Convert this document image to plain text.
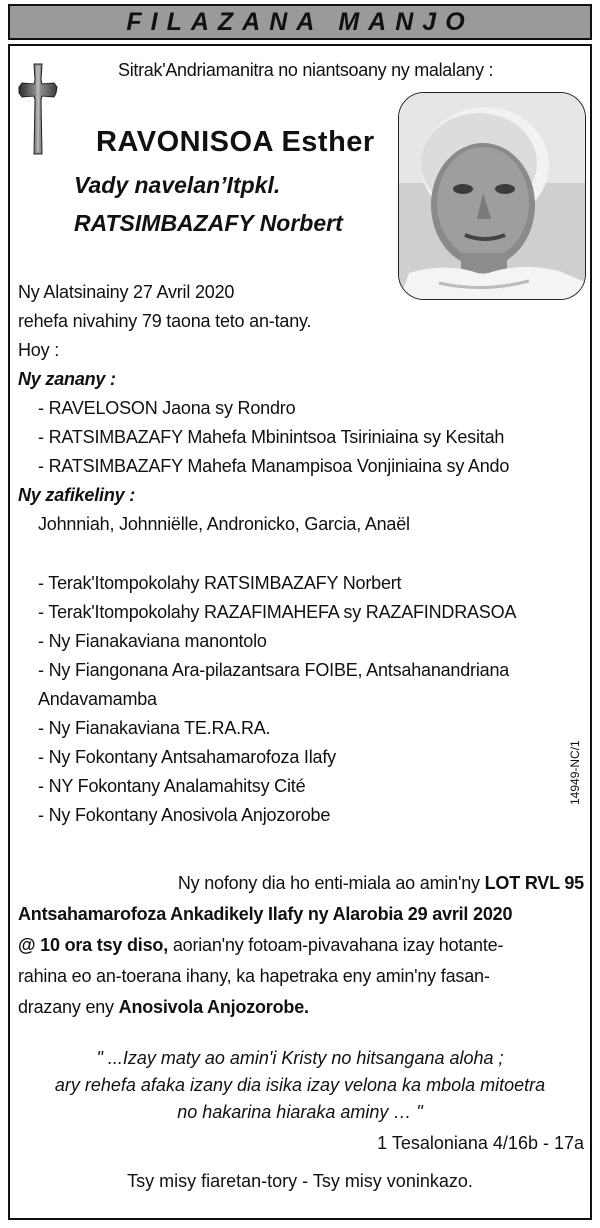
FILAZANA MANJO
Sitrak'Andriamanitra no niantsoany ny malalany :
RAVONISOA Esther
Vady navelan’Itpkl.
RATSIMBAZAFY Norbert
Ny Alatsinainy 27 Avril 2020
rehefa nivahiny 79 taona teto an-tany.
Hoy :
Ny zanany :
- RAVELOSON Jaona sy Rondro
- RATSIMBAZAFY Mahefa Mbinintsoa Tsiriniaina sy Kesitah
- RATSIMBAZAFY Mahefa Manampisoa Vonjiniaina sy Ando
Ny zafikeliny :
Johnniah, Johnniëlle, Andronicko, Garcia, Anaël
- Terak'Itompokolahy RATSIMBAZAFY Norbert
- Terak'Itompokolahy RAZAFIMAHEFA sy RAZAFINDRASOA
- Ny Fianakaviana manontolo
- Ny Fiangonana Ara-pilazantsara FOIBE, Antsahanandriana
Andavamamba
- Ny Fianakaviana TE.RA.RA.
- Ny Fokontany Antsahamarofoza Ilafy
- NY Fokontany Analamahitsy Cité
- Ny Fokontany Anosivola Anjozorobe
14949-NC/1
Ny nofony dia ho enti-miala ao amin'ny LOT RVL 95
Antsahamarofoza Ankadikely Ilafy ny Alarobia 29 avril 2020
@ 10 ora tsy diso, aorian'ny fotoam-pivavahana izay hotante-
rahina eo an-toerana ihany, ka hapetraka eny amin'ny fasan-
drazany eny Anosivola Anjozorobe.
" ...Izay maty ao amin'i Kristy no hitsangana aloha ;
ary rehefa afaka izany dia isika izay velona ka mbola mitoetra
no hakarina hiaraka aminy … "
1 Tesaloniana 4/16b - 17a
Tsy misy fiaretan-tory - Tsy misy voninkazo.
